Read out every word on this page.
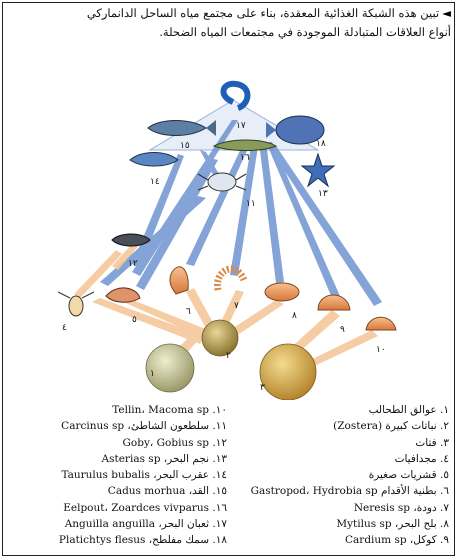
◄تبين هذه الشبكة الغذائية المعقدة، بناء على مجتمع مياه الساحل الدانماركي
أنواع العلاقات المتبادلة الموجودة في مجتمعات المياه الضحلة.
١
٢
٣
٤
٥
٦
٧
٨
٩
١٠
١١
١٢
١٣
١٤
١٥
١٦
١٧
١٨
١. عوالق الطحالب
٢. نباتات كبيرة (Zostera)
٣. فتات
٤. مجدافيات
٥. قشريات صغيرة
٦. بطنية الأقدام Gastropod، Hydrobia sp
٧. دودة، Neresis sp
٨. بلح البحر، Mytilus sp
٩. كوكل، Cardium sp
١٠. Tellin، Macoma sp
١١. سلطعون الشاطئ، Carcinus sp
١٢. Goby، Gobius sp
١٣. نجم البحر، Asterias sp
١٤. عقرب البحر، Taurulus bubalis
١٥. القد، Cadus morhua
١٦. Eelpout، Zoardces vivparus
١٧. ثعبان البحر، Anguilla anguilla
١٨. سمك مفلطح، Platichtys flesus
